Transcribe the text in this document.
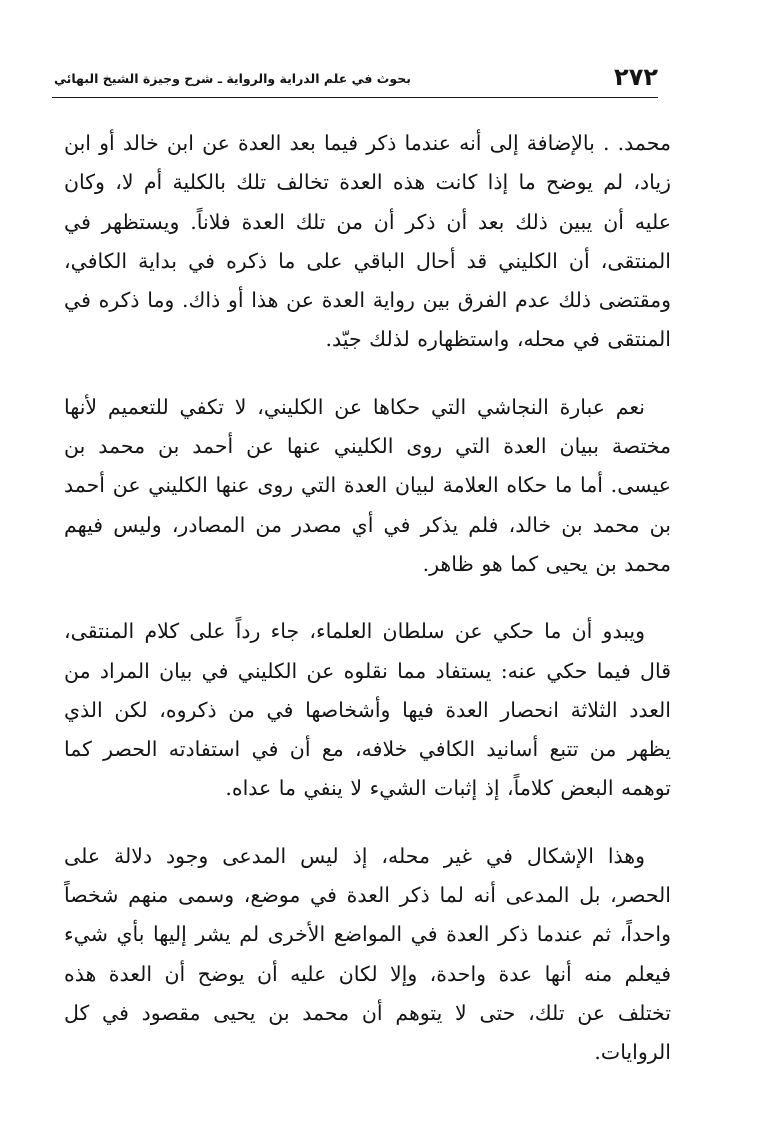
٢٧٢
بحوث في علم الدراية والرواية ـ شرح وجيزة الشيخ البهائي

محمد. . بالإضافة إلى أنه عندما ذكر فيما بعد العدة عن ابن خالد أو ابن زياد، لم يوضح ما إذا كانت هذه العدة تخالف تلك بالكلية أم لا، وكان عليه أن يبين ذلك بعد أن ذكر أن من تلك العدة فلاناً. ويستظهر في المنتقى، أن الكليني قد أحال الباقي على ما ذكره في بداية الكافي، ومقتضى ذلك عدم الفرق بين رواية العدة عن هذا أو ذاك. وما ذكره في المنتقى في محله، واستظهاره لذلك جيّد.

نعم عبارة النجاشي التي حكاها عن الكليني، لا تكفي للتعميم لأنها مختصة ببيان العدة التي روى الكليني عنها عن أحمد بن محمد بن عيسى. أما ما حكاه العلامة لبيان العدة التي روى عنها الكليني عن أحمد بن محمد بن خالد، فلم يذكر في أي مصدر من المصادر، وليس فيهم محمد بن يحيى كما هو ظاهر.

ويبدو أن ما حكي عن سلطان العلماء، جاء رداً على كلام المنتقى، قال فيما حكي عنه: يستفاد مما نقلوه عن الكليني في بيان المراد من العدد الثلاثة انحصار العدة فيها وأشخاصها في من ذكروه، لكن الذي يظهر من تتبع أسانيد الكافي خلافه، مع أن في استفادته الحصر كما توهمه البعض كلاماً، إذ إثبات الشيء لا ينفي ما عداه.

وهذا الإشكال في غير محله، إذ ليس المدعى وجود دلالة على الحصر، بل المدعى أنه لما ذكر العدة في موضع، وسمى منهم شخصاً واحداً، ثم عندما ذكر العدة في المواضع الأخرى لم يشر إليها بأي شيء فيعلم منه أنها عدة واحدة، وإلا لكان عليه أن يوضح أن العدة هذه تختلف عن تلك، حتى لا يتوهم أن محمد بن يحيى مقصود في كل الروايات.
